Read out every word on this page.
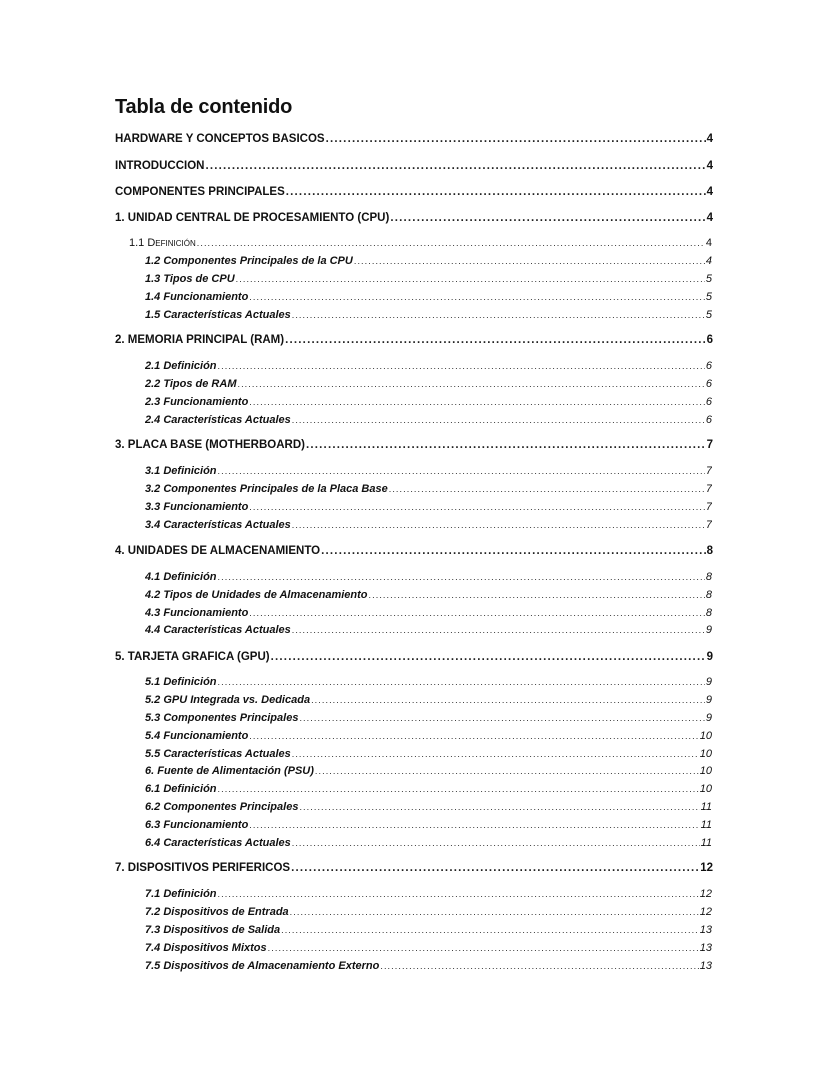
Tabla de contenido
HARDWARE Y CONCEPTOS BÁSICOS .....	4
INTRODUCCION .....	4
COMPONENTES PRINCIPALES .....	4
1. UNIDAD CENTRAL DE PROCESAMIENTO (CPU) .....	4
1.1 Definición .....	4
1.2 Componentes Principales de la CPU .....	4
1.3 Tipos de CPU .....	5
1.4 Funcionamiento .....	5
1.5 Características Actuales .....	5
2. MEMORIA PRINCIPAL (RAM) .....	6
2.1 Definición .....	6
2.2 Tipos de RAM .....	6
2.3 Funcionamiento .....	6
2.4 Características Actuales .....	6
3. PLACA BASE (MOTHERBOARD) .....	7
3.1 Definición .....	7
3.2 Componentes Principales de la Placa Base .....	7
3.3 Funcionamiento .....	7
3.4 Características Actuales .....	7
4. UNIDADES DE ALMACENAMIENTO .....	8
4.1 Definición .....	8
4.2 Tipos de Unidades de Almacenamiento .....	8
4.3 Funcionamiento .....	8
4.4 Características Actuales .....	9
5. TARJETA GRÁFICA (GPU) .....	9
5.1 Definición .....	9
5.2 GPU Integrada vs. Dedicada .....	9
5.3 Componentes Principales .....	9
5.4 Funcionamiento .....	10
5.5 Características Actuales .....	10
6. Fuente de Alimentación (PSU) .....	10
6.1 Definición .....	10
6.2 Componentes Principales .....	11
6.3 Funcionamiento .....	11
6.4 Características Actuales .....	11
7. DISPOSITIVOS PERIFÉRICOS .....	12
7.1 Definición .....	12
7.2 Dispositivos de Entrada .....	12
7.3 Dispositivos de Salida .....	13
7.4 Dispositivos Mixtos .....	13
7.5 Dispositivos de Almacenamiento Externo .....	13
